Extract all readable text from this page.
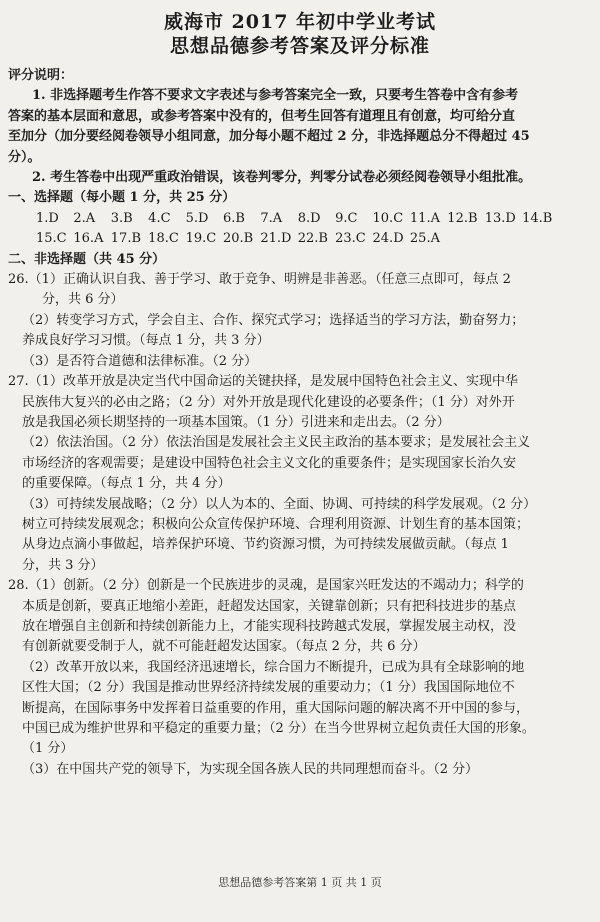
威海市 2017 年初中学业考试
思想品德参考答案及评分标准
评分说明：
1. 非选择题考生作答不要求文字表述与参考答案完全一致，只要考生答卷中含有参考
答案的基本层面和意思，或参考答案中没有的，但考生回答有道理且有创意，均可给分直
至加分（加分要经阅卷领导小组同意，加分每小题不超过 2 分，非选择题总分不得超过 45
分）。
2. 考生答卷中出现严重政治错误，该卷判零分，判零分试卷必须经阅卷领导小组批准。
一、选择题（每小题 1 分，共 25 分）
1.D	2.A	3.B	4.C	5.D	6.B	7.A	8.D	9.C	10.C 11.A 12.B 13.D 14.B
15.C 16.A 17.B 18.C 19.C 20.B 21.D 22.B 23.C 24.D 25.A
二、非选择题（共 45 分）
26.（1）正确认识自我、善于学习、敢于竞争、明辨是非善恶。（任意三点即可，每点 2
分，共 6 分）
（2）转变学习方式，学会自主、合作、探究式学习；选择适当的学习方法，勤奋努力；
养成良好学习习惯。（每点 1 分，共 3 分）
（3）是否符合道德和法律标准。（2 分）
27.（1）改革开放是决定当代中国命运的关键抉择，是发展中国特色社会主义、实现中华
民族伟大复兴的必由之路；（2 分）对外开放是现代化建设的必要条件；（1 分）对外开
放是我国必须长期坚持的一项基本国策。（1 分）引进来和走出去。（2 分）
（2）依法治国。（2 分）依法治国是发展社会主义民主政治的基本要求；是发展社会主义
市场经济的客观需要；是建设中国特色社会主义文化的重要条件；是实现国家长治久安
的重要保障。（每点 1 分，共 4 分）
（3）可持续发展战略；（2 分）以人为本的、全面、协调、可持续的科学发展观。（2 分）
树立可持续发展观念；积极向公众宣传保护环境、合理利用资源、计划生育的基本国策；
从身边点滴小事做起，培养保护环境、节约资源习惯，为可持续发展做贡献。（每点 1
分，共 3 分）
28.（1）创新。（2 分）创新是一个民族进步的灵魂，是国家兴旺发达的不竭动力；科学的
本质是创新，要真正地缩小差距，赶超发达国家，关键靠创新；只有把科技进步的基点
放在增强自主创新和持续创新能力上，才能实现科技跨越式发展，掌握发展主动权，没
有创新就要受制于人，就不可能赶超发达国家。（每点 2 分，共 6 分）
（2）改革开放以来，我国经济迅速增长，综合国力不断提升，已成为具有全球影响的地
区性大国；（2 分）我国是推动世界经济持续发展的重要动力；（1 分）我国国际地位不
断提高，在国际事务中发挥着日益重要的作用，重大国际问题的解决离不开中国的参与，
中国已成为维护世界和平稳定的重要力量；（2 分）在当今世界树立起负责任大国的形象。
（1 分）
（3）在中国共产党的领导下，为实现全国各族人民的共同理想而奋斗。（2 分）
思想品德参考答案第 1 页 共 1 页
